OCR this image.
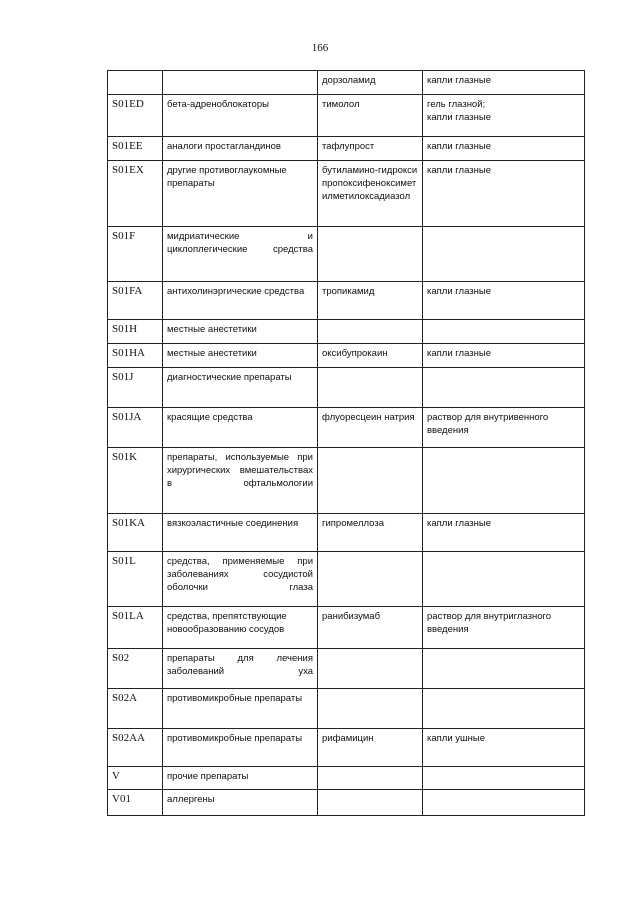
166
		дорзоламид	капли глазные
S01ED	бета-адреноблокаторы	тимолол	гель глазной;
капли глазные
S01EE	аналоги простагландинов	тафлупрост	капли глазные
S01EX	другие противоглаукомные препараты	бутиламино-гидроксипропоксифеноксиметилметилоксадиазол	капли глазные
S01F	мидриатические и циклоплегические средства		
S01FA	антихолинэргические средства	тропикамид	капли глазные
S01H	местные анестетики		
S01HA	местные анестетики	оксибупрокаин	капли глазные
S01J	диагностические препараты		
S01JA	красящие средства	флуоресцеин натрия	раствор для внутривенного введения
S01K	препараты, используемые при хирургических вмешательствах в офтальмологии		
S01KA	вязкоэластичные соединения	гипромеллоза	капли глазные
S01L	средства, применяемые при заболеваниях сосудистой оболочки глаза		
S01LA	средства, препятствующие новообразованию сосудов	ранибизумаб	раствор для внутриглазного введения
S02	препараты для лечения заболеваний уха		
S02A	противомикробные препараты		
S02AA	противомикробные препараты	рифамицин	капли ушные
V	прочие препараты		
V01	аллергены		
